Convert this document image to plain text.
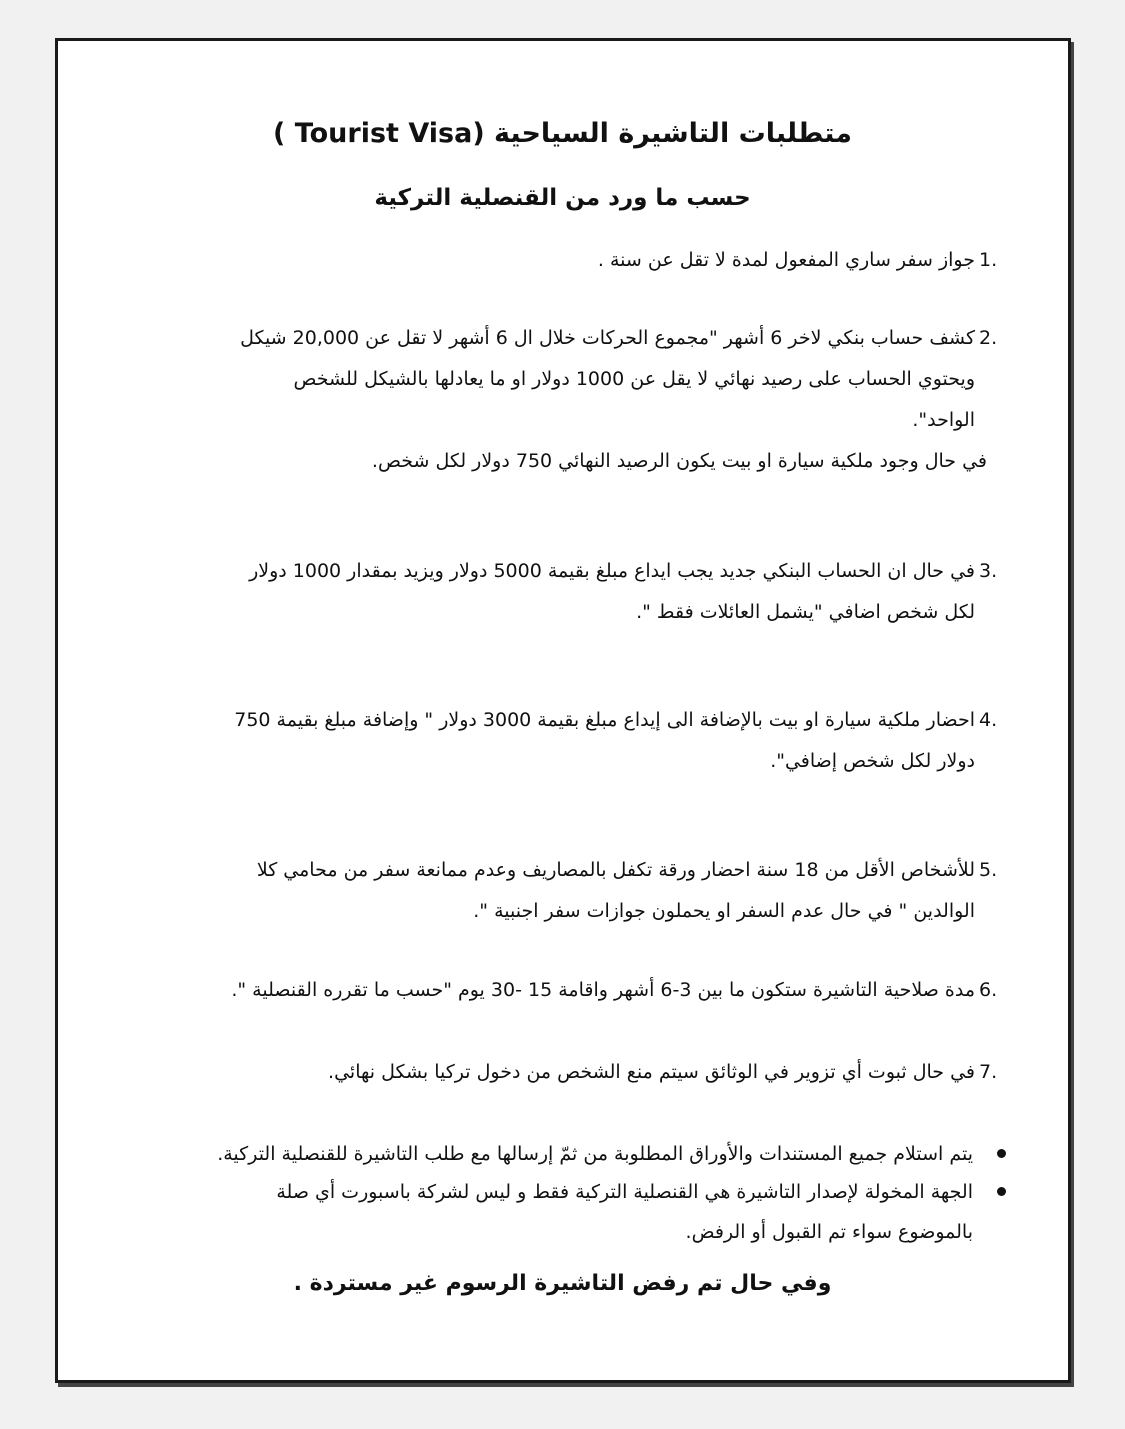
متطلبات التاشيرة السياحية (Tourist Visa )
حسب ما ورد من القنصلية التركية
1.
جواز سفر ساري المفعول لمدة لا تقل عن سنة .
2.
كشف حساب بنكي لاخر 6 أشهر "مجموع الحركات خلال ال 6 أشهر لا تقل عن 20,000 شيكل
ويحتوي الحساب على رصيد نهائي لا يقل عن 1000 دولار او ما يعادلها بالشيكل للشخص
الواحد".
في حال وجود ملكية سيارة او بيت يكون الرصيد النهائي 750 دولار لكل شخص.
3.
في حال ان الحساب البنكي جديد يجب ايداع مبلغ بقيمة 5000 دولار ويزيد بمقدار 1000 دولار
لكل شخص اضافي "يشمل العائلات فقط ".
4.
احضار ملكية سيارة او بيت بالإضافة الى إيداع مبلغ بقيمة 3000 دولار " وإضافة مبلغ بقيمة 750
دولار لكل شخص إضافي".
5.
للأشخاص الأقل من 18 سنة احضار ورقة تكفل بالمصاريف وعدم ممانعة سفر من محامي كلا
الوالدين " في حال عدم السفر او يحملون جوازات سفر اجنبية ".
6.
مدة صلاحية التاشيرة ستكون ما بين 3-6 أشهر واقامة 15 -30 يوم "حسب ما تقرره القنصلية ".
7.
في حال ثبوت أي تزوير في الوثائق سيتم منع الشخص من دخول تركيا بشكل نهائي.
يتم استلام جميع المستندات والأوراق المطلوبة من ثمّ إرسالها مع طلب التاشيرة للقنصلية التركية.
الجهة المخولة لإصدار التاشيرة هي القنصلية التركية فقط و ليس لشركة باسبورت أي صلة
بالموضوع سواء تم القبول أو الرفض.
وفي حال تم رفض التاشيرة الرسوم غير مستردة .
